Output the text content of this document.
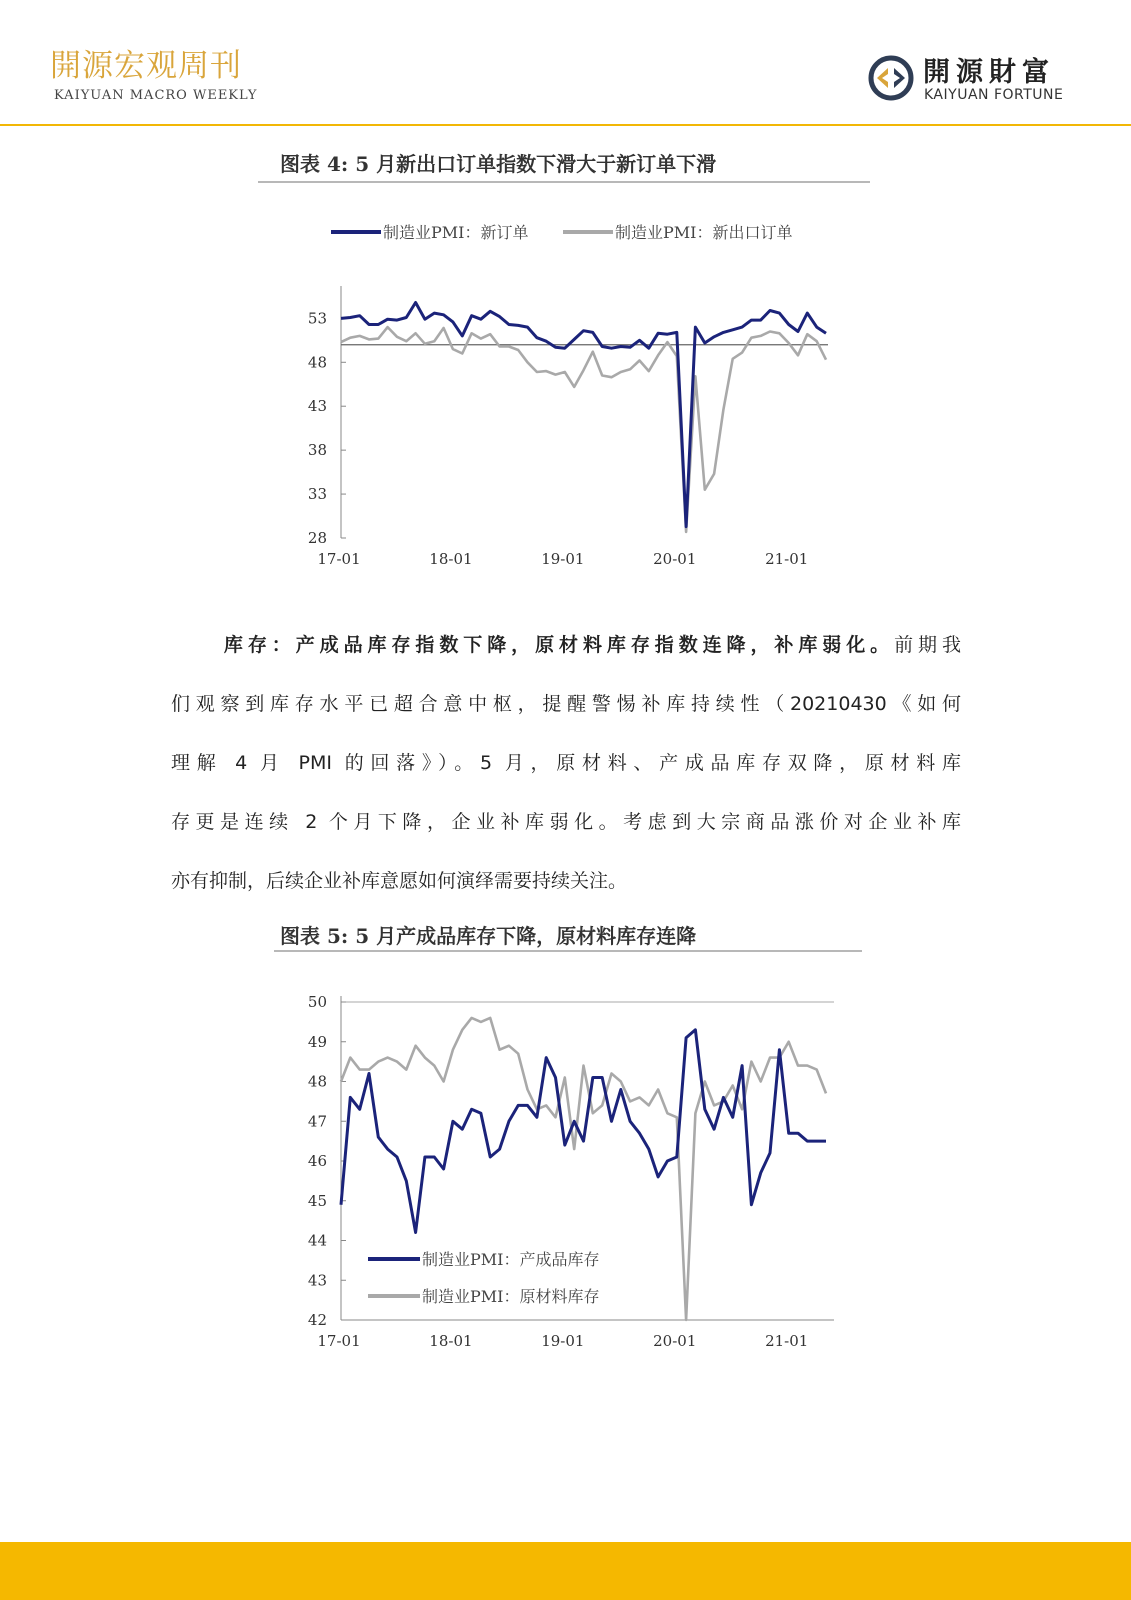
開源宏观周刊
KAIYUAN MACRO WEEKLY
開源財富
KAIYUAN FORTUNE
图表 4: 5 月新出口订单指数下滑大于新订单下滑
28
33
38
43
48
53
17-01	18-01	19-01	20-01	21-01
制造业PMI：新订单	制造业PMI：新出口订单
库存：产成品库存指数下降，原材料库存指数连降，补库弱化。前期我
们观察到库存水平已超合意中枢，提醒警惕补库持续性（20210430《如何
理解 4 月 PMI 的回落》）。5 月，原材料、产成品库存双降，原材料库
存更是连续 2 个月下降，企业补库弱化。考虑到大宗商品涨价对企业补库
亦有抑制，后续企业补库意愿如何演绎需要持续关注。
图表 5: 5 月产成品库存下降，原材料库存连降
42
43
44
45
46
47
48
49
50
17-01	18-01	19-01	20-01	21-01
制造业PMI：产成品库存
制造业PMI：原材料库存
